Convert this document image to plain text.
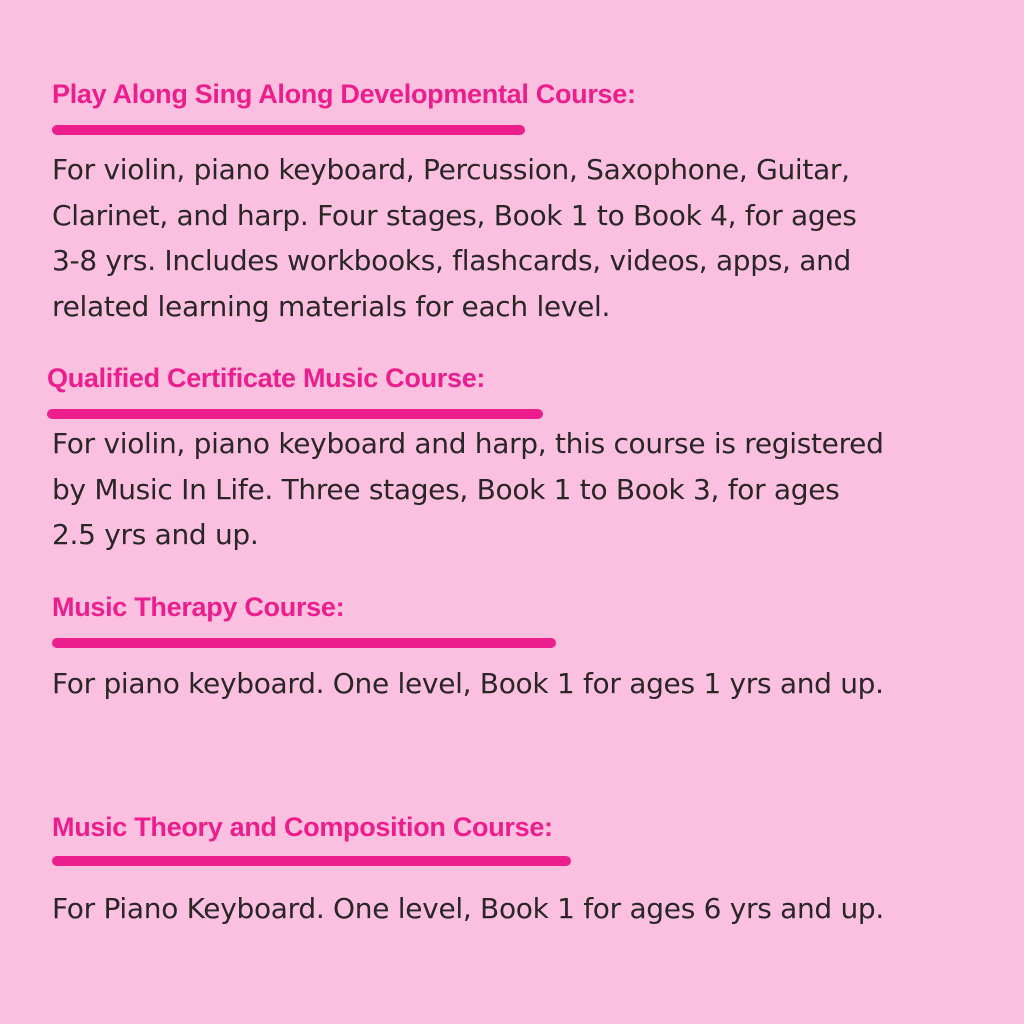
Play Along Sing Along Developmental Course:
For violin, piano keyboard, Percussion, Saxophone, Guitar,
Clarinet, and harp. Four stages, Book 1 to Book 4, for ages
3-8 yrs. Includes workbooks, flashcards, videos, apps, and
related learning materials for each level.
Qualified Certificate Music Course:
For violin, piano keyboard and harp, this course is registered
by Music In Life. Three stages, Book 1 to Book 3, for ages
2.5 yrs and up.
Music Therapy Course:
For piano keyboard. One level, Book 1 for ages 1 yrs and up.
Music Theory and Composition Course:
For Piano Keyboard. One level, Book 1 for ages 6 yrs and up.
